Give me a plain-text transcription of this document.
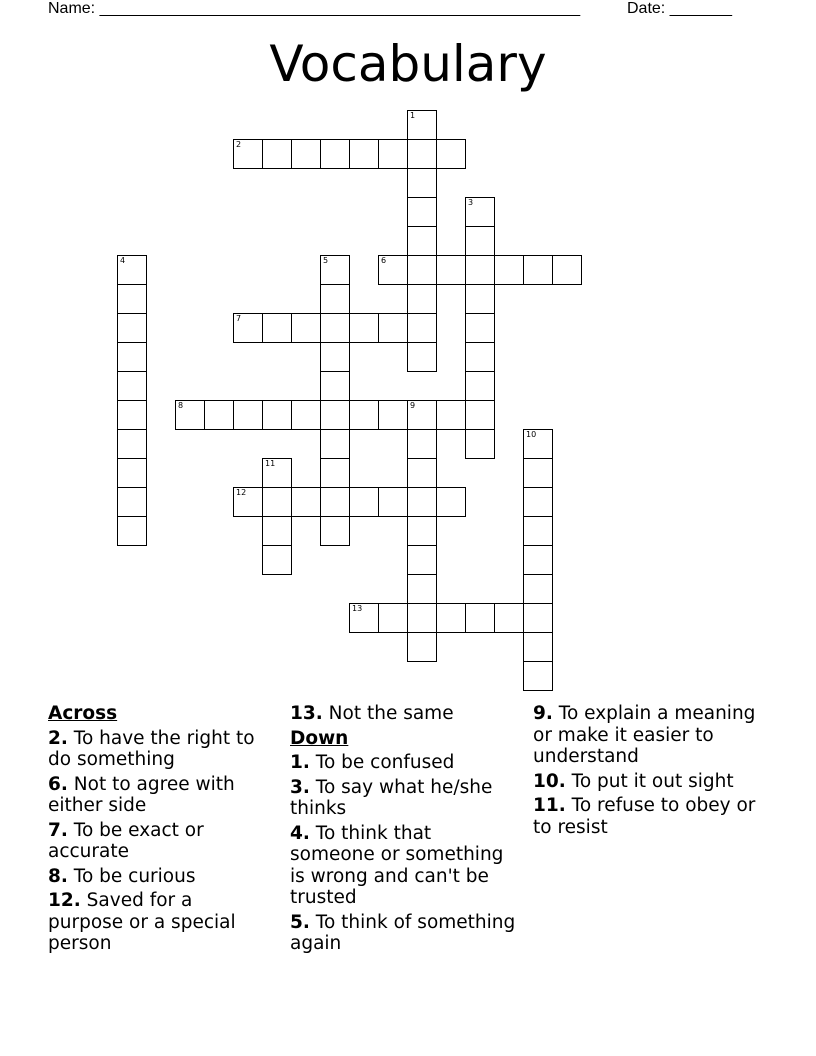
Name: ______________________________________________________	Date: _______
Vocabulary
1
2
3
4	5	6
7
8	9
10
11
12
13
Across
2. To have the right to do something
6. Not to agree with either side
7. To be exact or accurate
8. To be curious
12. Saved for a purpose or a special person
13. Not the same
Down
1. To be confused
3. To say what he/she thinks
4. To think that someone or something is wrong and can't be trusted
5. To think of something again
9. To explain a meaning or make it easier to understand
10. To put it out sight
11. To refuse to obey or to resist
